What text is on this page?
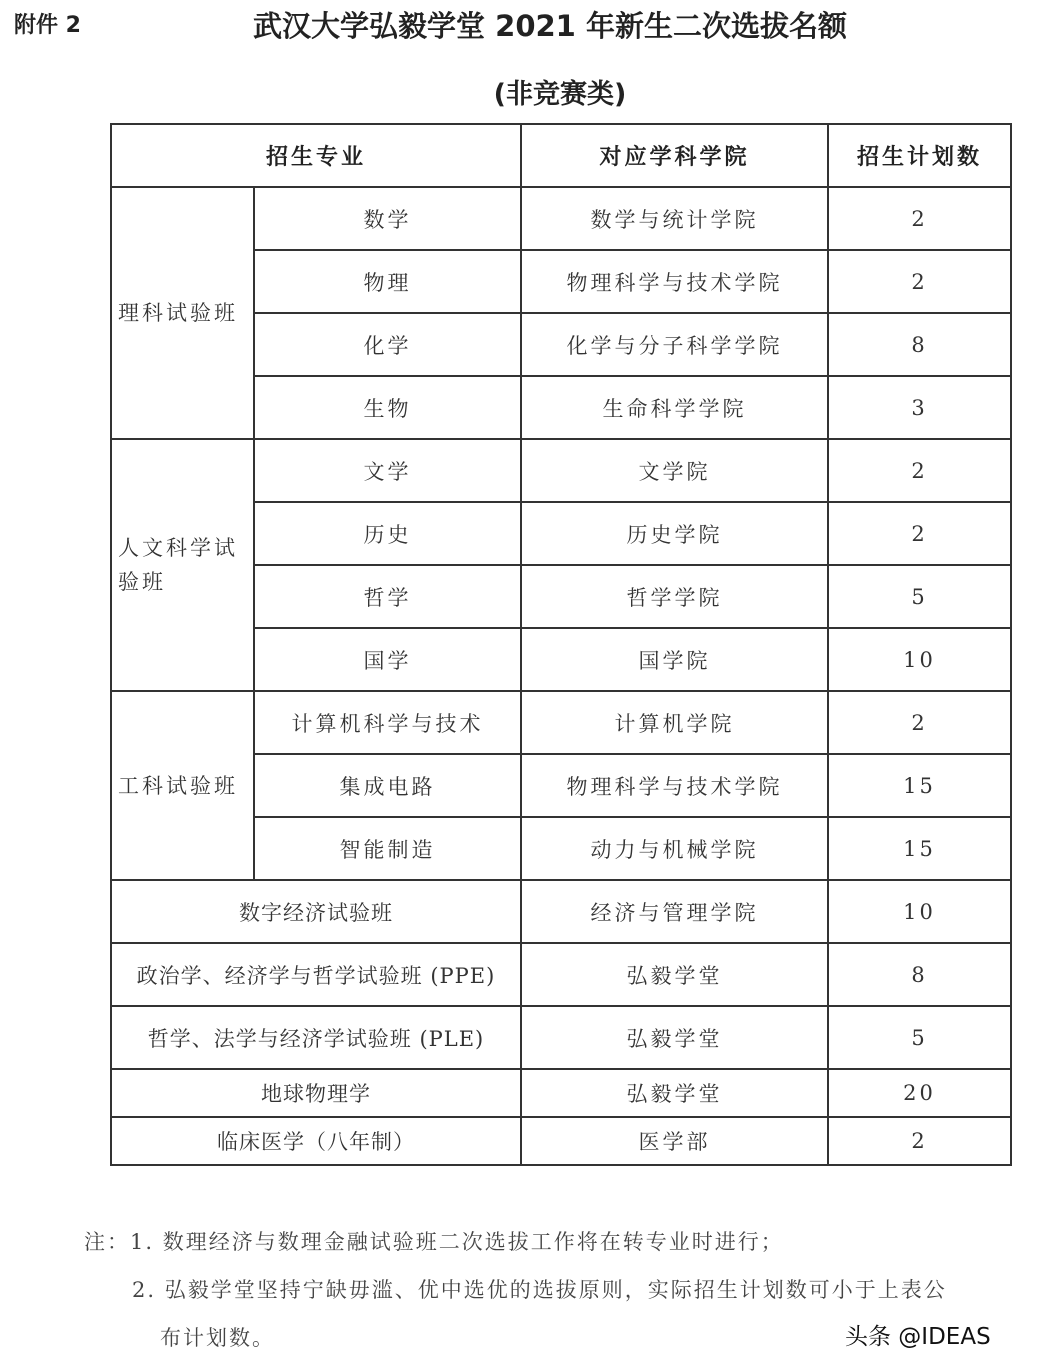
附件 2	武汉大学弘毅学堂 2021 年新生二次选拔名额
(非竞赛类)
招生专业		对应学科学院	招生计划数
理科试验班	数学	数学与统计学院	2
	物理	物理科学与技术学院	2
	化学	化学与分子科学学院	8
	生物	生命科学学院	3
人文科学试验班	文学	文学院	2
	历史	历史学院	2
	哲学	哲学学院	5
	国学	国学院	10
工科试验班	计算机科学与技术	计算机学院	2
	集成电路	物理科学与技术学院	15
	智能制造	动力与机械学院	15
数字经济试验班		经济与管理学院	10
政治学、经济学与哲学试验班 (PPE)		弘毅学堂	8
哲学、法学与经济学试验班 (PLE)		弘毅学堂	5
地球物理学		弘毅学堂	20
临床医学（八年制）		医学部	2
注：1. 数理经济与数理金融试验班二次选拔工作将在转专业时进行；
2. 弘毅学堂坚持宁缺毋滥、优中选优的选拔原则，实际招生计划数可小于上表公
布计划数。	头条 @IDEAS
